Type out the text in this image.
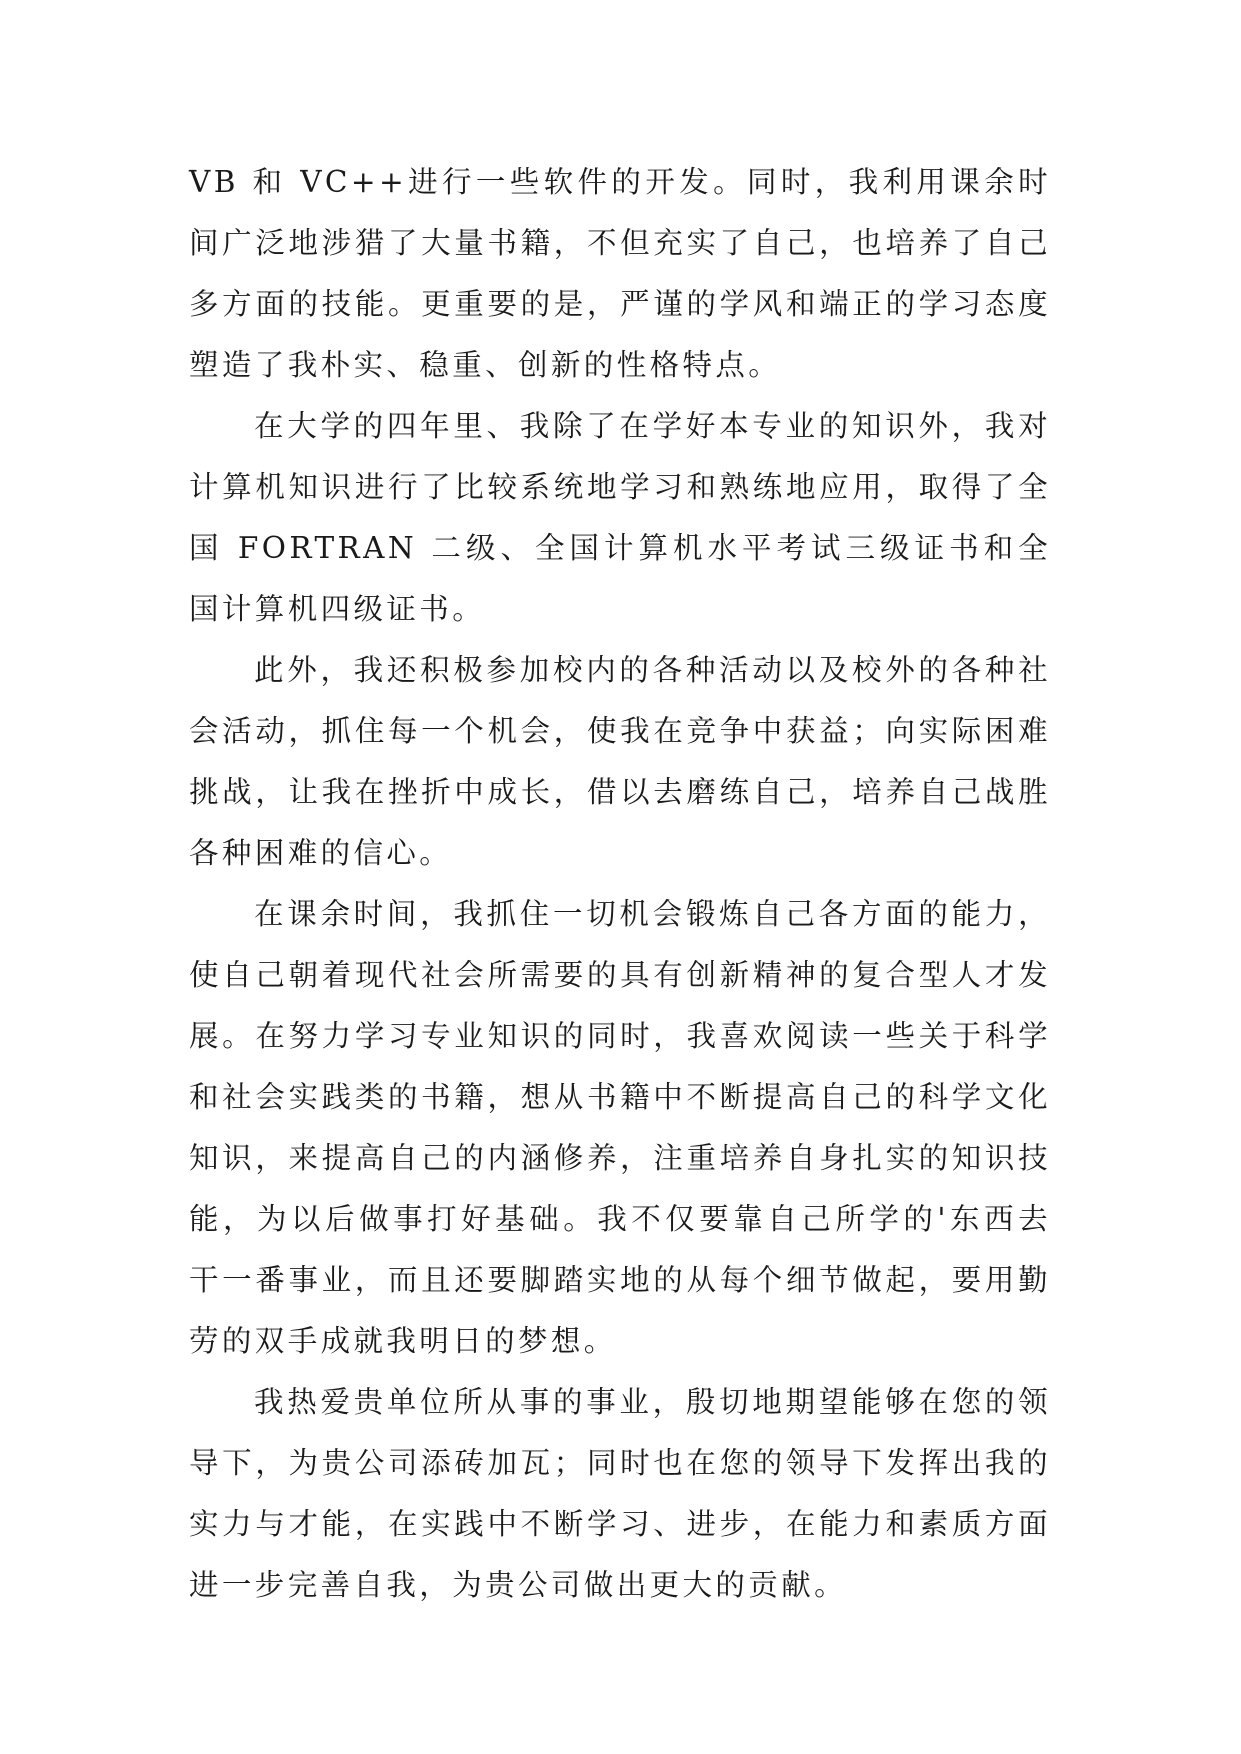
VB 和 VC++进行一些软件的开发。同时，我利用课余时间广泛地涉猎了大量书籍，不但充实了自己，也培养了自己多方面的技能。更重要的是，严谨的学风和端正的学习态度塑造了我朴实、稳重、创新的性格特点。

在大学的四年里、我除了在学好本专业的知识外，我对计算机知识进行了比较系统地学习和熟练地应用，取得了全国 FORTRAN 二级、全国计算机水平考试三级证书和全国计算机四级证书。

此外，我还积极参加校内的各种活动以及校外的各种社会活动，抓住每一个机会，使我在竞争中获益；向实际困难挑战，让我在挫折中成长，借以去磨练自己，培养自己战胜各种困难的信心。

在课余时间，我抓住一切机会锻炼自己各方面的能力，使自己朝着现代社会所需要的具有创新精神的复合型人才发展。在努力学习专业知识的同时，我喜欢阅读一些关于科学和社会实践类的书籍，想从书籍中不断提高自己的科学文化知识，来提高自己的内涵修养，注重培养自身扎实的知识技能，为以后做事打好基础。我不仅要靠自己所学的'东西去干一番事业，而且还要脚踏实地的从每个细节做起，要用勤劳的双手成就我明日的梦想。

我热爱贵单位所从事的事业，殷切地期望能够在您的领导下，为贵公司添砖加瓦；同时也在您的领导下发挥出我的实力与才能，在实践中不断学习、进步，在能力和素质方面进一步完善自我，为贵公司做出更大的贡献。
